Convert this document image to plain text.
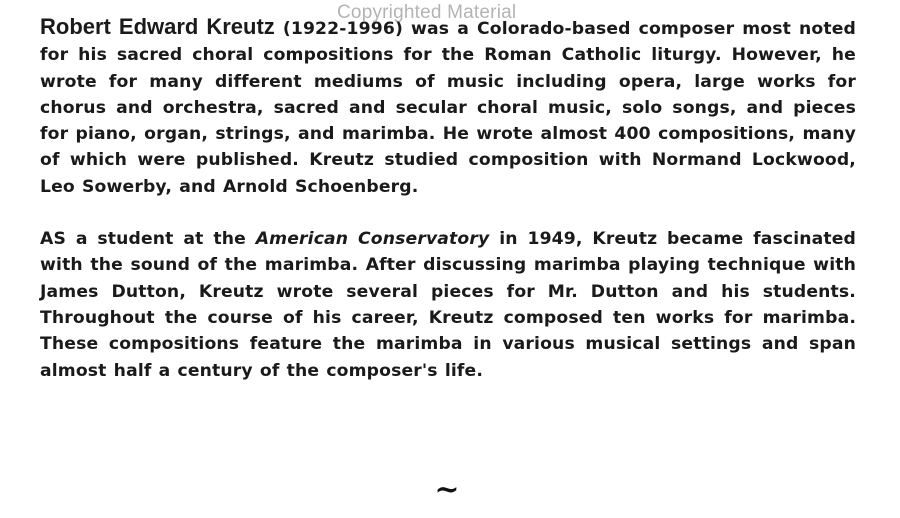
Copyrighted Material

Robert Edward Kreutz (1922-1996) was a Colorado-based composer most noted for his sacred choral compositions for the Roman Catholic liturgy. However, he wrote for many different mediums of music including opera, large works for chorus and orchestra, sacred and secular choral music, solo songs, and pieces for piano, organ, strings, and marimba. He wrote almost 400 compositions, many of which were published. Kreutz studied composition with Normand Lockwood, Leo Sowerby, and Arnold Schoenberg.

AS a student at the American Conservatory in 1949, Kreutz became fascinated with the sound of the marimba. After discussing marimba playing technique with James Dutton, Kreutz wrote several pieces for Mr. Dutton and his students. Throughout the course of his career, Kreutz composed ten works for marimba. These compositions feature the marimba in various musical settings and span almost half a century of the composer's life.

~
